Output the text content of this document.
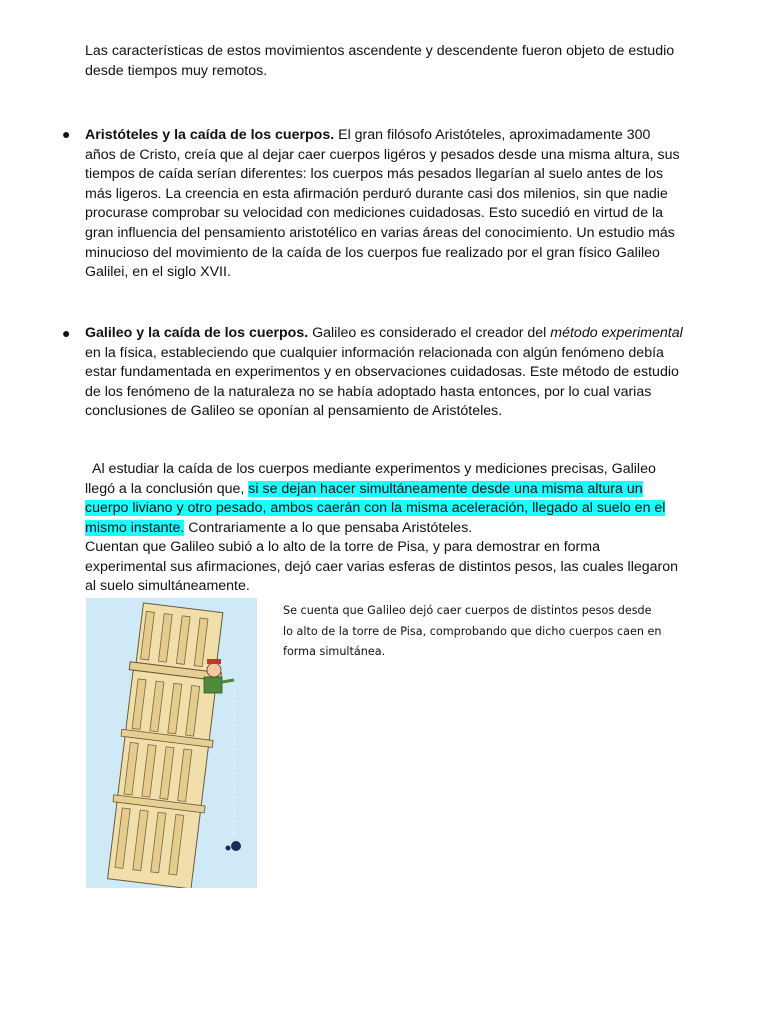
Las características de estos movimientos ascendente y descendente fueron objeto de estudio desde tiempos muy remotos.

● Aristóteles y la caída de los cuerpos. El gran filósofo Aristóteles, aproximadamente 300 años de Cristo, creía que al dejar caer cuerpos ligéros y pesados desde una misma altura, sus tiempos de caída serían diferentes: los cuerpos más pesados llegarían al suelo antes de los más ligeros. La creencia en esta afirmación perduró durante casi dos milenios, sin que nadie procurase comprobar su velocidad con mediciones cuidadosas. Esto sucedió en virtud de la gran influencia del pensamiento aristotélico en varias áreas del conocimiento. Un estudio más minucioso del movimiento de la caída de los cuerpos fue realizado por el gran físico Galileo Galilei, en el siglo XVII.

● Galileo y la caída de los cuerpos. Galileo es considerado el creador del método experimental en la física, estableciendo que cualquier información relacionada con algún fenómeno debía estar fundamentada en experimentos y en observaciones cuidadosas. Este método de estudio de los fenómeno de la naturaleza no se había adoptado hasta entonces, por lo cual varias conclusiones de Galileo se oponían al pensamiento de Aristóteles.

Al estudiar la caída de los cuerpos mediante experimentos y mediciones precisas, Galileo llegó a la conclusión que, si se dejan hacer simultáneamente desde una misma altura un cuerpo liviano y otro pesado, ambos caerán con la misma aceleración, llegado al suelo en el mismo instante. Contrariamente a lo que pensaba Aristóteles.

Cuentan que Galileo subió a lo alto de la torre de Pisa, y para demostrar en forma experimental sus afirmaciones, dejó caer varias esferas de distintos pesos, las cuales llegaron al suelo simultáneamente.

Se cuenta que Galileo dejó caer cuerpos de distintos pesos desde lo alto de la torre de Pisa, comprobando que dicho cuerpos caen en forma simultánea.
